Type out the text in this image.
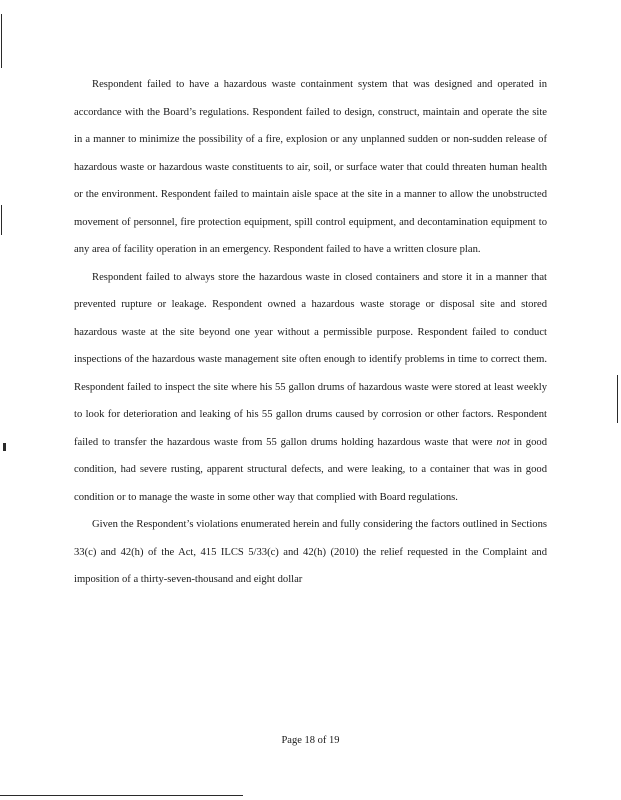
Respondent failed to have a hazardous waste containment system that was designed and operated in accordance with the Board’s regulations. Respondent failed to design, construct, maintain and operate the site in a manner to minimize the possibility of a fire, explosion or any unplanned sudden or non-sudden release of hazardous waste or hazardous waste constituents to air, soil, or surface water that could threaten human health or the environment. Respondent failed to maintain aisle space at the site in a manner to allow the unobstructed movement of personnel, fire protection equipment, spill control equipment, and decontamination equipment to any area of facility operation in an emergency. Respondent failed to have a written closure plan.

Respondent failed to always store the hazardous waste in closed containers and store it in a manner that prevented rupture or leakage. Respondent owned a hazardous waste storage or disposal site and stored hazardous waste at the site beyond one year without a permissible purpose. Respondent failed to conduct inspections of the hazardous waste management site often enough to identify problems in time to correct them. Respondent failed to inspect the site where his 55 gallon drums of hazardous waste were stored at least weekly to look for deterioration and leaking of his 55 gallon drums caused by corrosion or other factors. Respondent failed to transfer the hazardous waste from 55 gallon drums holding hazardous waste that were not in good condition, had severe rusting, apparent structural defects, and were leaking, to a container that was in good condition or to manage the waste in some other way that complied with Board regulations.

Given the Respondent’s violations enumerated herein and fully considering the factors outlined in Sections 33(c) and 42(h) of the Act, 415 ILCS 5/33(c) and 42(h) (2010) the relief requested in the Complaint and imposition of a thirty-seven-thousand and eight dollar

Page 18 of 19
